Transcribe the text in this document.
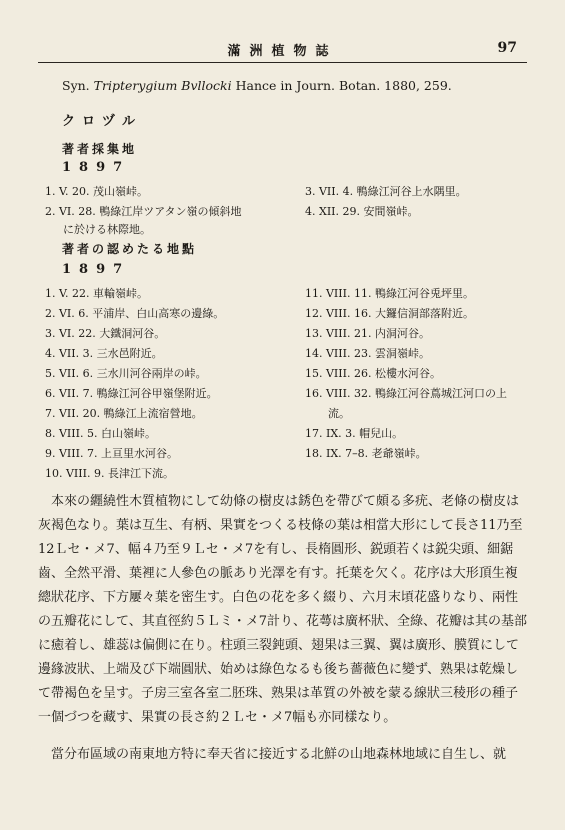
滿洲植物誌	97
Syn. Tripterygium Bvllocki Hance in Journ. Botan. 1880, 259.
クロヅル
著者採集地
1897
1. V. 20. 茂山嶺峠。
2. VI. 28. 鴨綠江岸ツアタン嶺の傾斜地
に於ける林際地。
3. VII. 4. 鴨綠江河谷上水隅里。
4. XII. 29. 安間嶺峠。
著者の認めたる地點
1897
1. V. 22. 車輸嶺峠。
2. VI. 6. 平浦岸、白山高寒の邊綠。
3. VI. 22. 大鐵洞河谷。
4. VII. 3. 三水邑附近。
5. VII. 6. 三水川河谷兩岸の峠。
6. VII. 7. 鴨綠江河谷甲嶺堡附近。
7. VII. 20. 鴨綠江上流宿營地。
8. VIII. 5. 白山嶺峠。
9. VIII. 7. 上亘里水河谷。
10. VIII. 9. 長津江下流。
11. VIII. 11. 鴨綠江河谷兎坪里。
12. VIII. 16. 大鑼信洞部落附近。
13. VIII. 21. 内洞河谷。
14. VIII. 23. 雲洞嶺峠。
15. VIII. 26. 松樓水河谷。
16. VIII. 32. 鴨綠江河谷蔦城江河口の上
流。
17. IX. 3. 帽兒山。
18. IX. 7–8. 老爺嶺峠。

本來の纒繞性木質植物にして幼條の樹皮は銹色を帶びて頗る多疣、老條の樹皮は灰褐色なり。葉は互生、有柄、果實をつくる枝條の葉は相當大形にして長さ11乃至12Ｌセ・メ7、幅４乃至９Ｌセ・メ7を有し、長楕圓形、鋭頭若くは鋭尖頭、細鋸齒、全然平滑、葉裡に人參色の脈あり光澤を有す。托葉を欠く。花序は大形頂生複總狀花序、下方屢々葉を密生す。白色の花を多く綴り、六月末頃花盛りなり、兩性の五瓣花にして、其直徑約５Ｌミ・メ7計り、花蕚は廣杯狀、全綠、花瓣は其の基部に癒着し、雄蕊は偏側に在り。柱頭三裂鈍頭、翅果は三翼、翼は廣形、膜質にして邊緣波狀、上端及び下端圓狀、始めは綠色なるも後ち薔薇色に變ず、熟果は乾燥して帶褐色を呈す。子房三室各室二胚珠、熟果は革質の外被を蒙る線狀三稜形の種子一個づつを藏す、果實の長さ約２Ｌセ・メ7幅も亦同樣なり。

當分布區域の南東地方特に奉天省に接近する北鮮の山地森林地域に自生し、就
